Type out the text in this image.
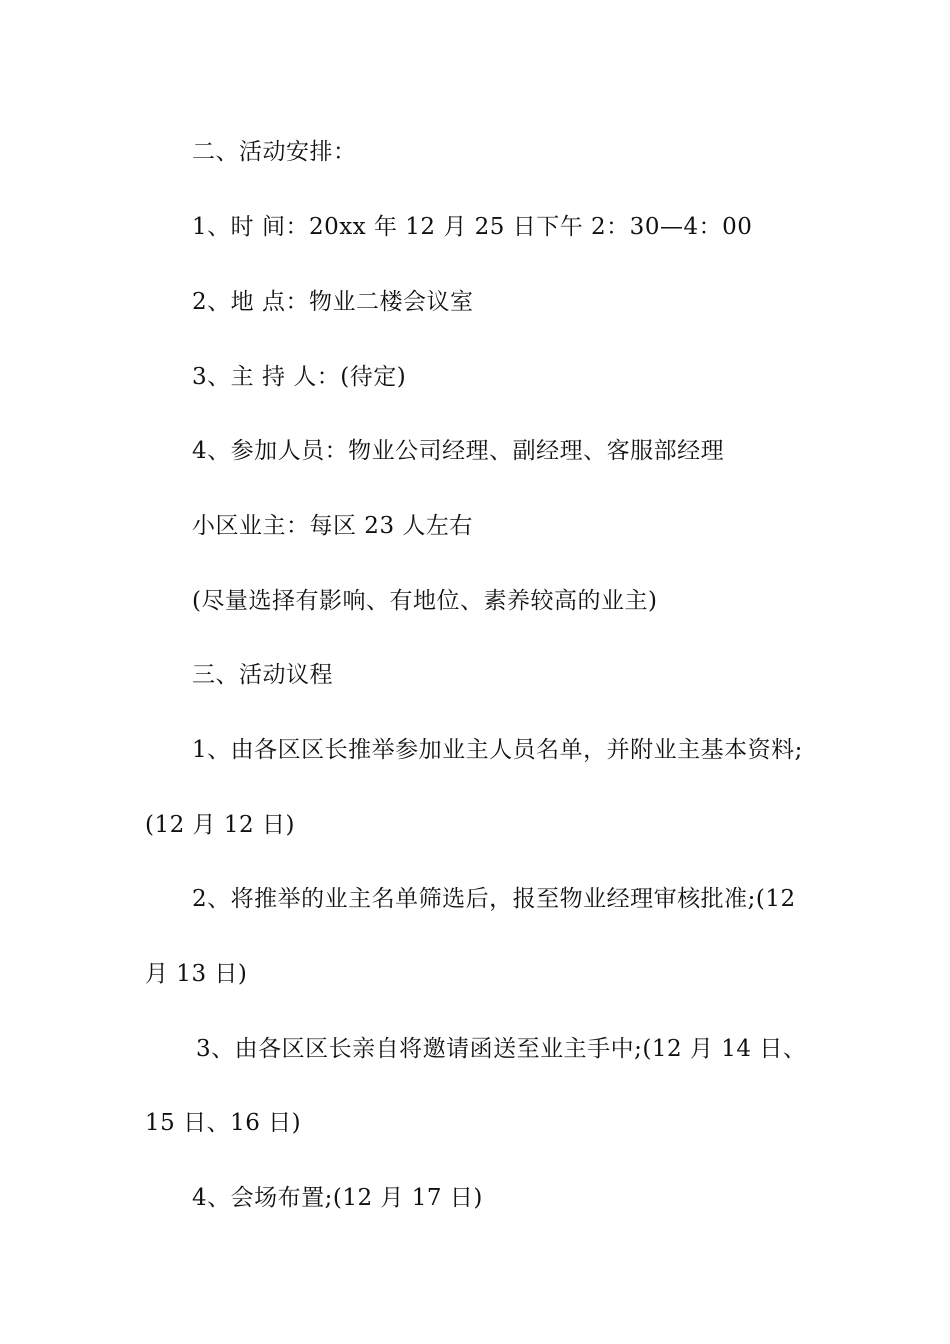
二、活动安排：
1、时 间：20xx 年 12 月 25 日下午 2：30—4：00
2、地 点：物业二楼会议室
3、主 持 人：(待定)
4、参加人员：物业公司经理、副经理、客服部经理
小区业主：每区 23 人左右
(尽量选择有影响、有地位、素养较高的业主)
三、活动议程
1、由各区区长推举参加业主人员名单，并附业主基本资料;
(12 月 12 日)
2、将推举的业主名单筛选后，报至物业经理审核批准;(12
月 13 日)
3、由各区区长亲自将邀请函送至业主手中;(12 月 14 日、
15 日、16 日)
4、会场布置;(12 月 17 日)
